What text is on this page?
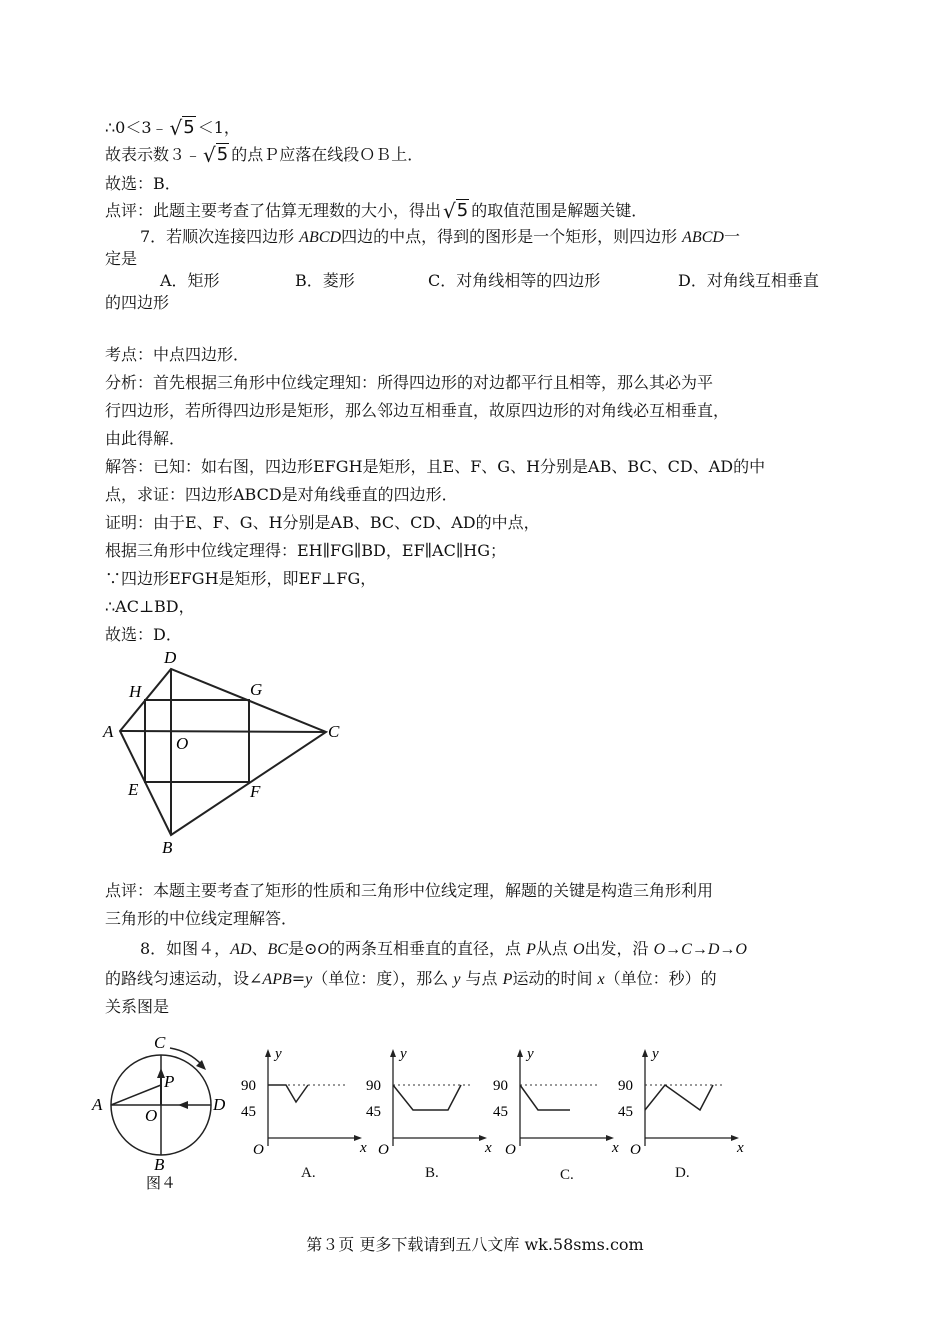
∴0＜3﹣ √5 ＜1，
故表示数３﹣ √5 的点Ｐ应落在线段ＯＢ上．
故选：B．
点评：此题主要考查了估算无理数的大小，得出 √5 的取值范围是解题关键．
7．若顺次连接四边形 ABCD四边的中点，得到的图形是一个矩形，则四边形 ABCD一
定是
A．矩形	B．菱形	C．对角线相等的四边形	D．对角线互相垂直
的四边形
考点：中点四边形．
分析：首先根据三角形中位线定理知：所得四边形的对边都平行且相等，那么其必为平
行四边形，若所得四边形是矩形，那么邻边互相垂直，故原四边形的对角线必互相垂直，
由此得解．
解答：已知：如右图，四边形EFGH是矩形，且E、F、G、H分别是AB、BC、CD、AD的中
点，求证：四边形ABCD是对角线垂直的四边形．
证明：由于E、F、G、H分别是AB、BC、CD、AD的中点，
根据三角形中位线定理得：EH∥FG∥BD，EF∥AC∥HG；
∵四边形EFGH是矩形，即EF⊥FG，
∴AC⊥BD，
故选：D．
D
H	G
A
O
C
E	F
B
点评：本题主要考查了矩形的性质和三角形中位线定理，解题的关键是构造三角形利用
三角形的中位线定理解答．
8．如图４，AD、BC是⊙O的两条互相垂直的直径，点 P从点 O出发，沿 O→C→D→O
的路线匀速运动，设∠APB=y（单位：度），那么 y 与点 P运动的时间 x（单位：秒）的
关系图是
C
P
A
O
D
B
图４
90
45
O	x
y
90
45
O	x
y
90
45
O	x
y
90
45
O	x
y
A.	B.	C.	D.
第３页 更多下载请到五八文库 wk.58sms.com
